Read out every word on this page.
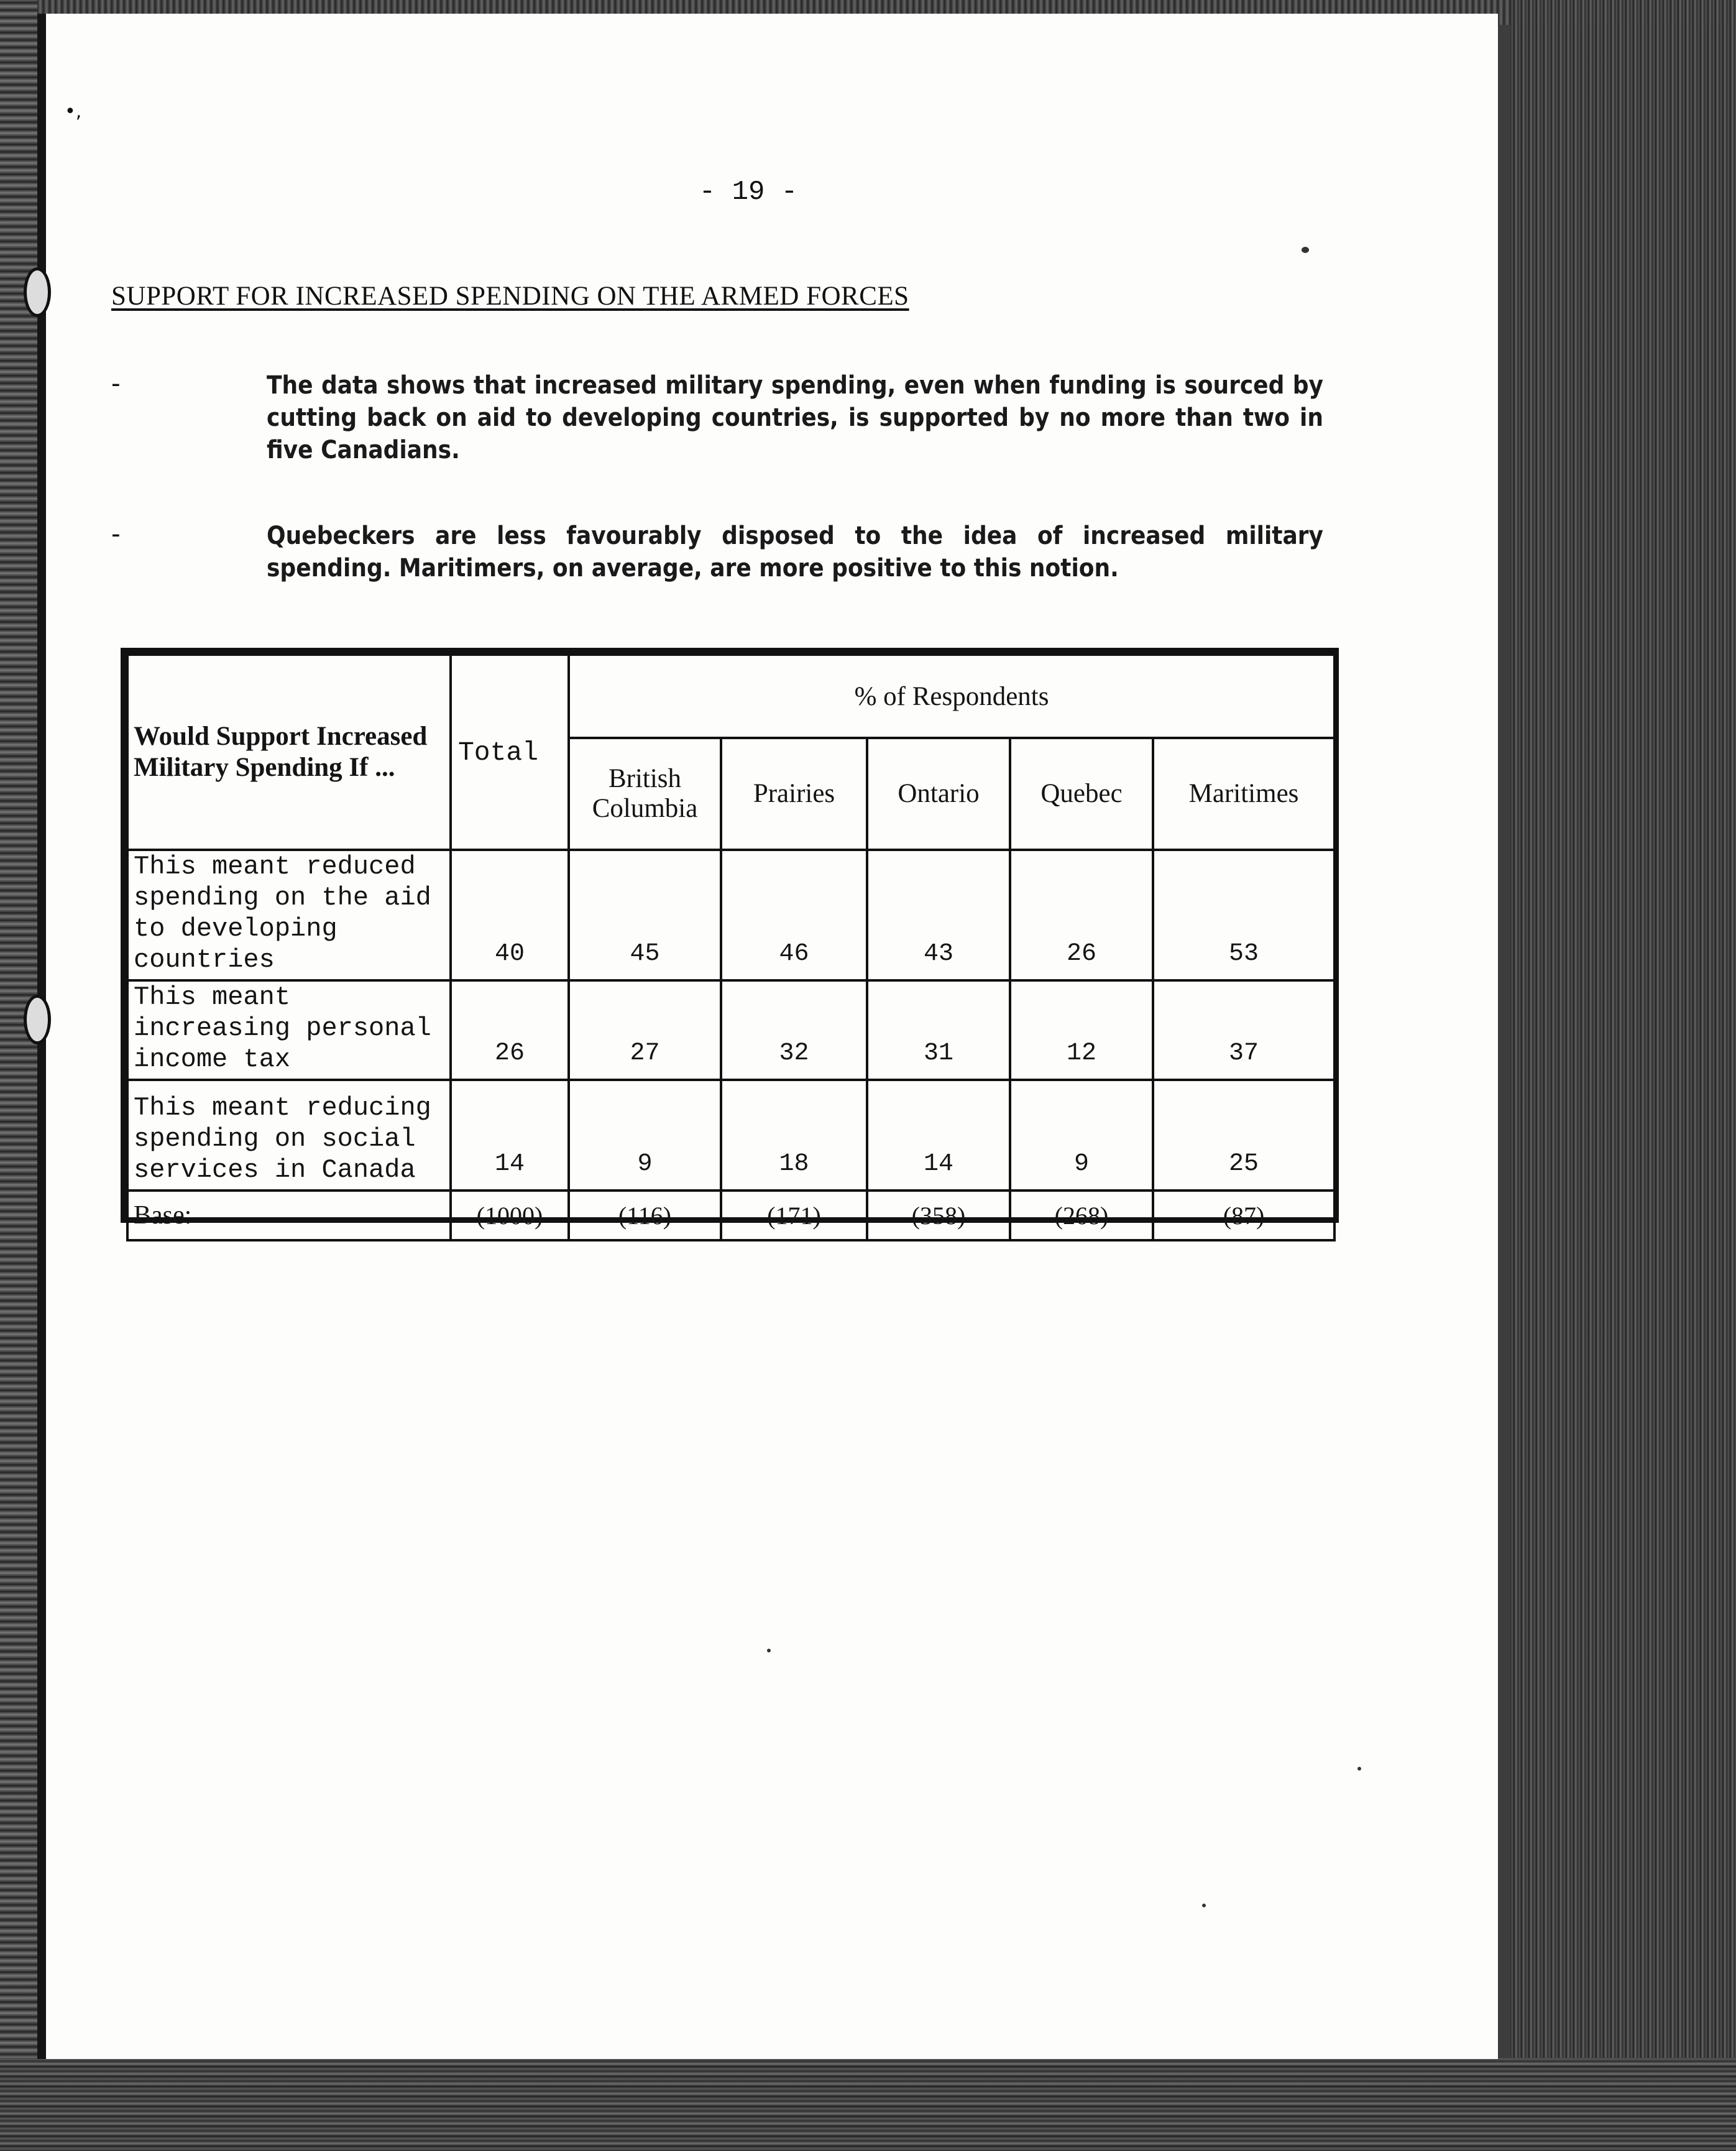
•,
- 19 -
SUPPORT FOR INCREASED SPENDING ON THE ARMED FORCES
-	The data shows that increased military spending, even when funding is sourced by cutting back on aid to developing countries, is supported by no more than two in five Canadians.
-	Quebeckers are less favourably disposed to the idea of increased military spending. Maritimers, on average, are more positive to this notion.
Would Support Increased Military Spending If ...	Total	% of Respondents				
		British Columbia	Prairies	Ontario	Quebec	Maritimes
This meant reduced spending on the aid to developing countries	40	45	46	43	26	53
This meant increasing personal income tax	26	27	32	31	12	37
This meant reducing spending on social services in Canada	14	9	18	14	9	25
Base:	(1000)	(116)	(171)	(358)	(268)	(87)
